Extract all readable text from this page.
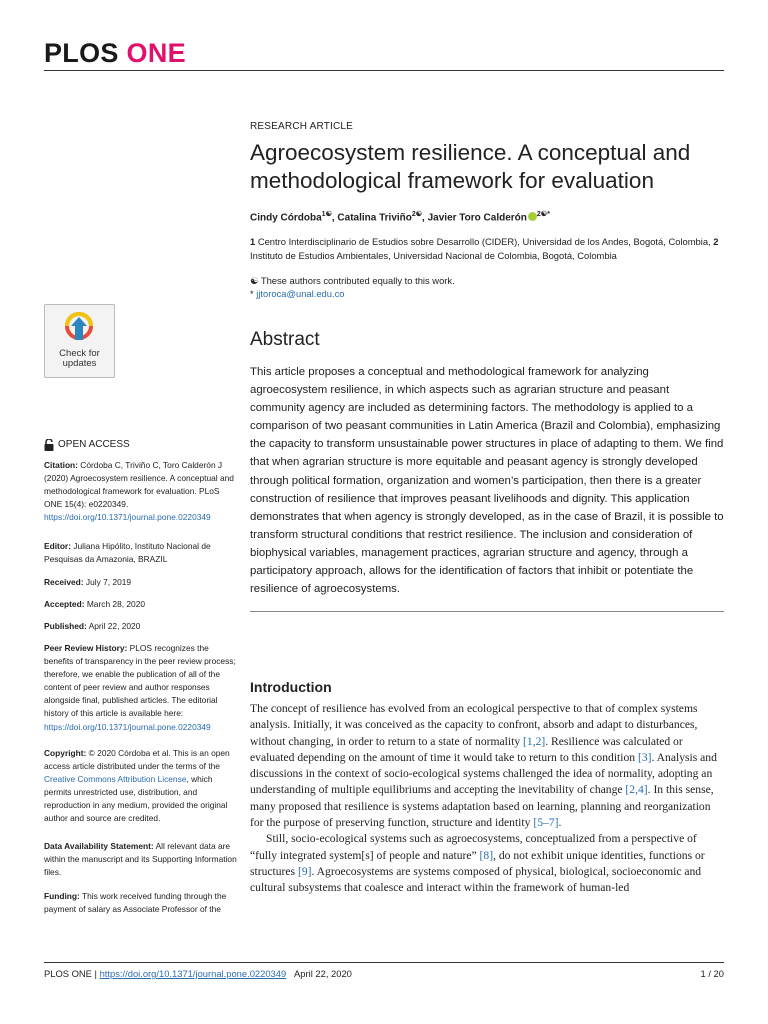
PLOS ONE
RESEARCH ARTICLE
Agroecosystem resilience. A conceptual and methodological framework for evaluation
Cindy Córdoba$^{1☯}$, Catalina Triviño$^{2☯}$, Javier Toro Calderón $^{2☯*}$
1 Centro Interdisciplinario de Estudios sobre Desarrollo (CIDER), Universidad de los Andes, Bogotá, Colombia, 2 Instituto de Estudios Ambientales, Universidad Nacional de Colombia, Bogotá, Colombia
☯ These authors contributed equally to this work.
* jjtoroca@unal.edu.co
Abstract
This article proposes a conceptual and methodological framework for analyzing agroecosystem resilience, in which aspects such as agrarian structure and peasant community agency are included as determining factors. The methodology is applied to a comparison of two peasant communities in Latin America (Brazil and Colombia), emphasizing the capacity to transform unsustainable power structures in place of adapting to them. We find that when agrarian structure is more equitable and peasant agency is strongly developed through political formation, organization and women’s participation, then there is a greater construction of resilience that improves peasant livelihoods and dignity. This application demonstrates that when agency is strongly developed, as in the case of Brazil, it is possible to transform structural conditions that restrict resilience. The inclusion and consideration of biophysical variables, management practices, agrarian structure and agency, through a participatory approach, allows for the identification of factors that inhibit or potentiate the resilience of agroecosystems.
Introduction

The concept of resilience has evolved from an ecological perspective to that of complex systems analysis. Initially, it was conceived as the capacity to confront, absorb and adapt to disturbances, without changing, in order to return to a state of normality [1,2]. Resilience was calculated or evaluated depending on the amount of time it would take to return to this condition [3]. Analysis and discussions in the context of socio-ecological systems challenged the idea of normality, adopting an understanding of multiple equilibriums and accepting the inevitability of change [2,4]. In this sense, many proposed that resilience is systems adaptation based on learning, planning and reorganization for the purpose of preserving function, structure and identity [5–7].

Still, socio-ecological systems such as agroecosystems, conceptualized from a perspective of “fully integrated system[s] of people and nature” [8], do not exhibit unique identities, functions or structures [9]. Agroecosystems are systems composed of physical, biological, socioeconomic and cultural subsystems that coalesce and interact within the framework of human-led

Check for
updates
OPEN ACCESS
Citation: Córdoba C, Triviño C, Toro Calderón J (2020) Agroecosystem resilience. A conceptual and methodological framework for evaluation. PLoS ONE 15(4): e0220349. https://doi.org/10.1371/journal.pone.0220349
Editor: Juliana Hipólito, Instituto Nacional de Pesquisas da Amazonia, BRAZIL
Received: July 7, 2019
Accepted: March 28, 2020
Published: April 22, 2020
Peer Review History: PLOS recognizes the benefits of transparency in the peer review process; therefore, we enable the publication of all of the content of peer review and author responses alongside final, published articles. The editorial history of this article is available here: https://doi.org/10.1371/journal.pone.0220349
Copyright: © 2020 Córdoba et al. This is an open access article distributed under the terms of the Creative Commons Attribution License, which permits unrestricted use, distribution, and reproduction in any medium, provided the original author and source are credited.
Data Availability Statement: All relevant data are within the manuscript and its Supporting Information files.
Funding: This work received funding through the payment of salary as Associate Professor of the
PLOS ONE | https://doi.org/10.1371/journal.pone.0220349 April 22, 2020	1 / 20
